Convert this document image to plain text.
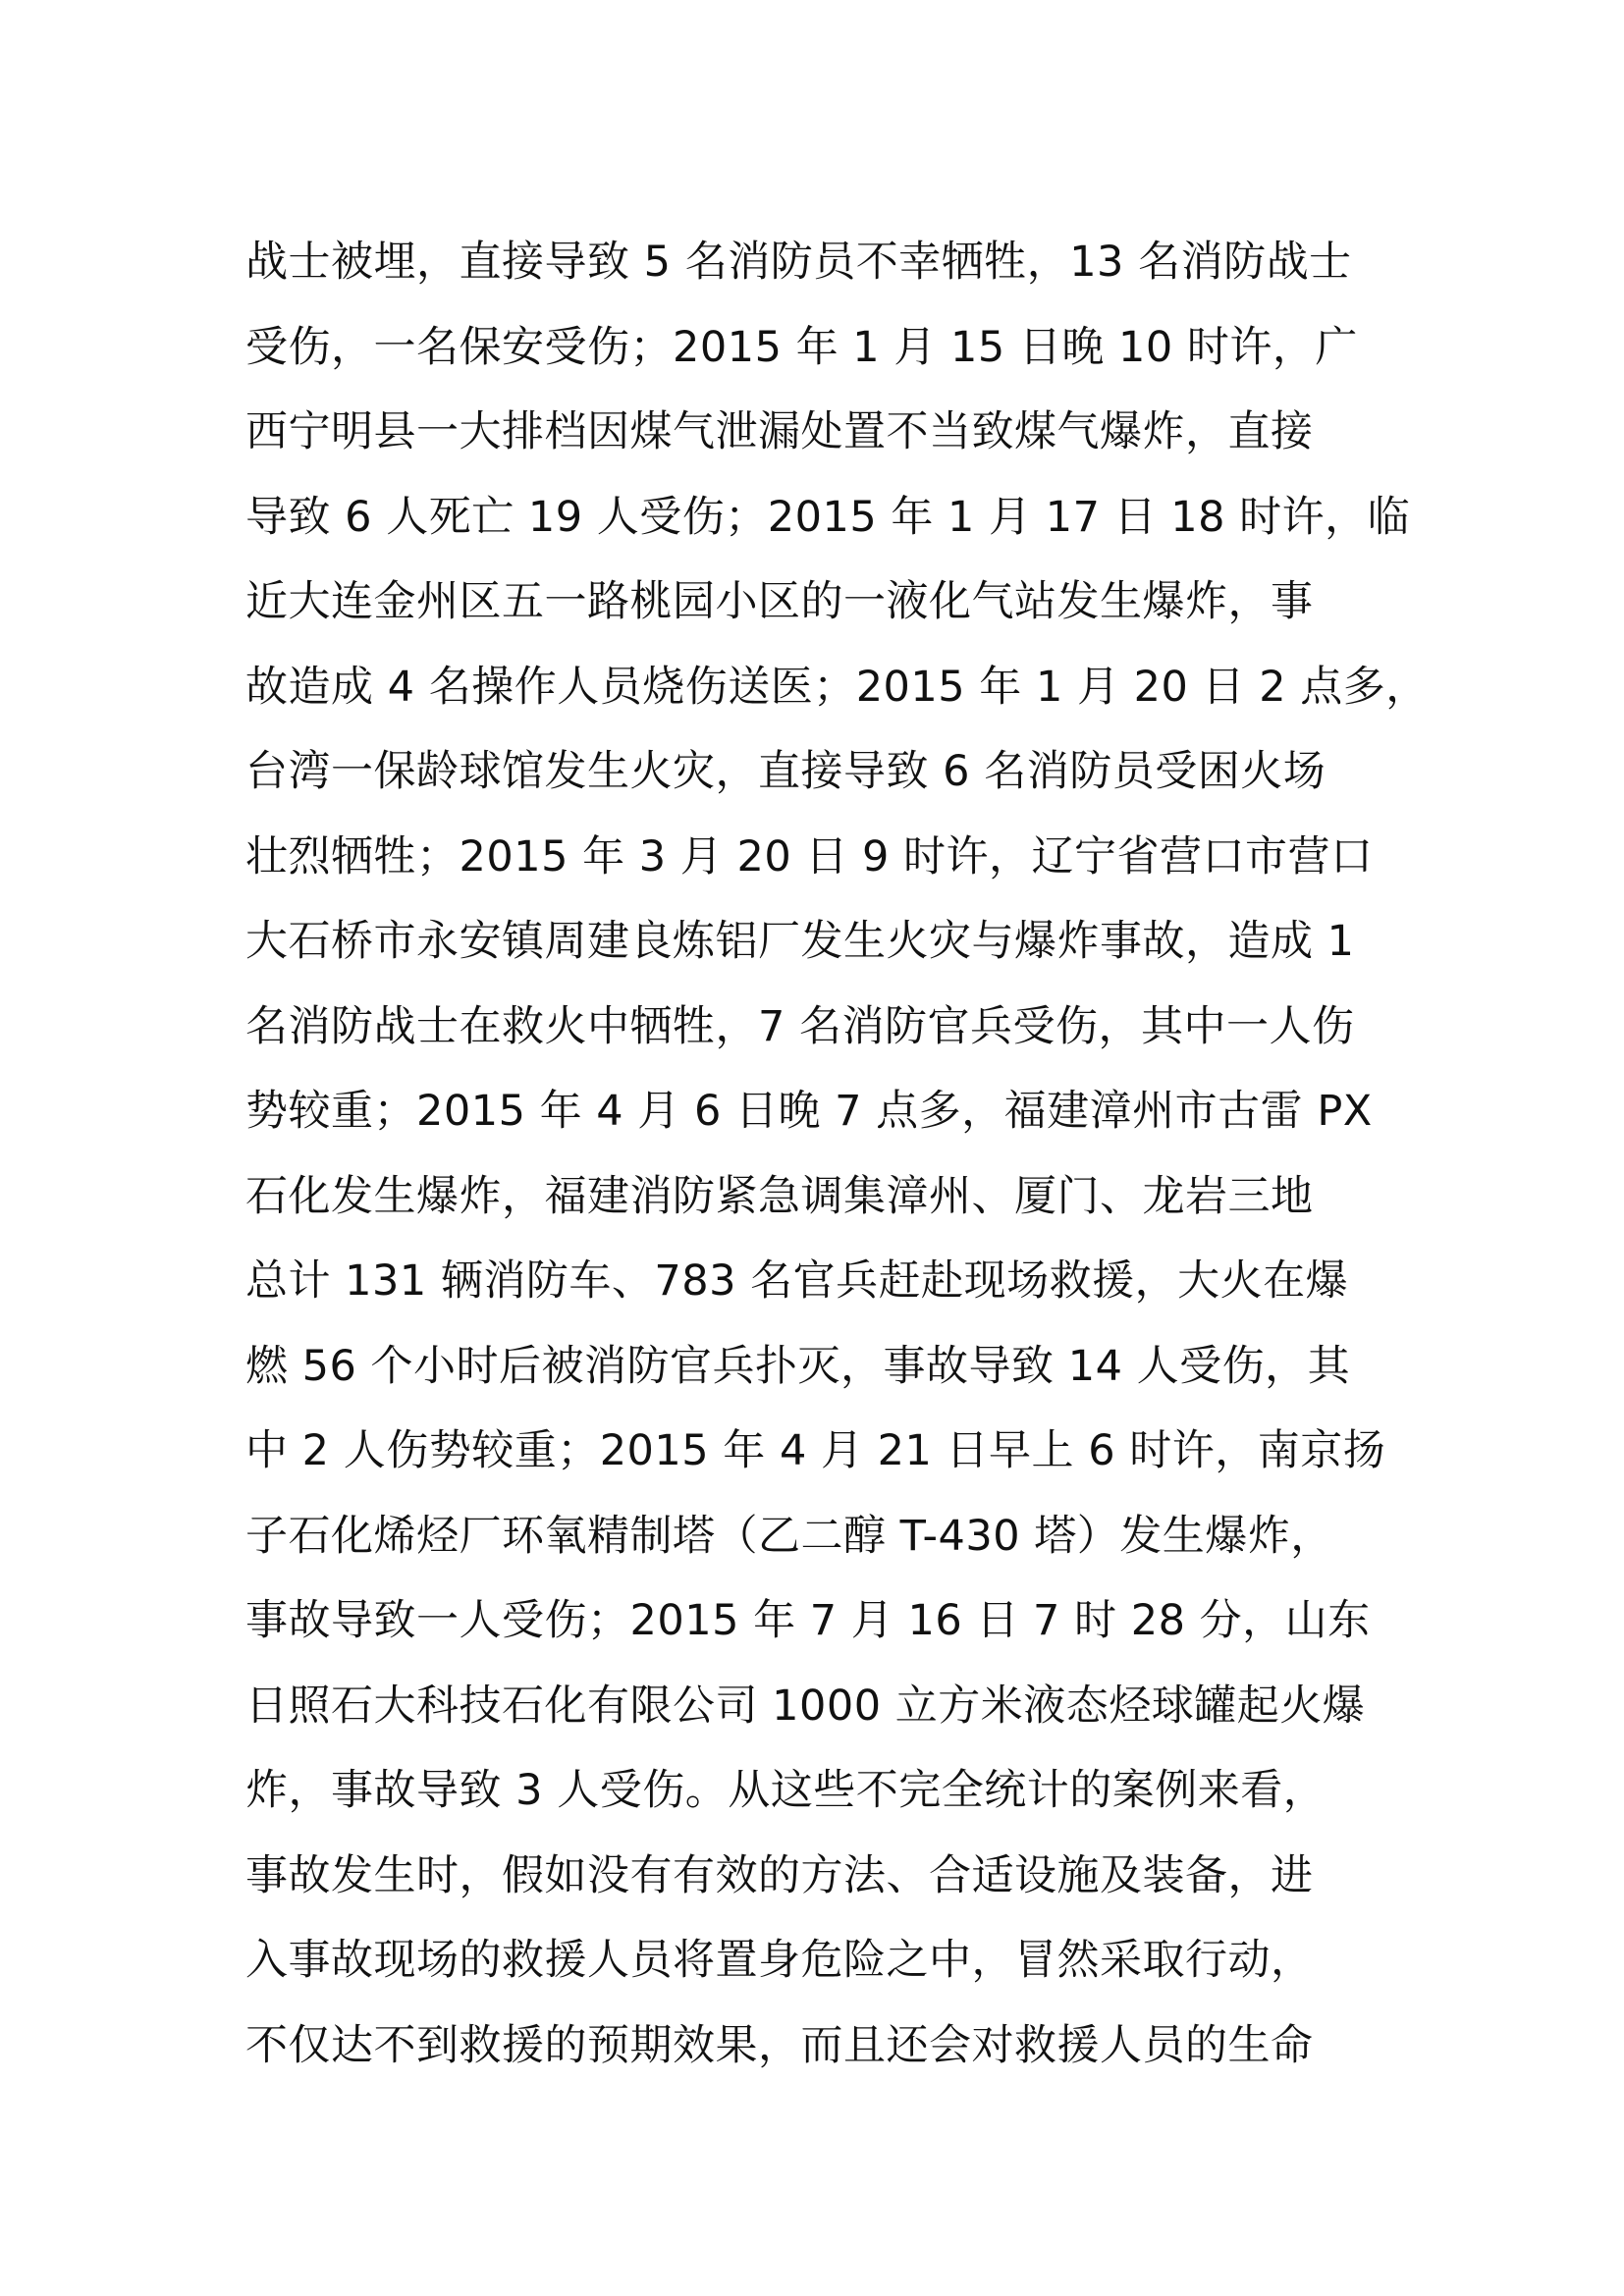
战士被埋，直接导致 5 名消防员不幸牺牲，13 名消防战士
受伤，一名保安受伤；2015 年 1 月 15 日晚 10 时许，广
西宁明县一大排档因煤气泄漏处置不当致煤气爆炸，直接
导致 6 人死亡 19 人受伤；2015 年 1 月 17 日 18 时许，临
近大连金州区五一路桃园小区的一液化气站发生爆炸，事
故造成 4 名操作人员烧伤送医；2015 年 1 月 20 日 2 点多，
台湾一保龄球馆发生火灾，直接导致 6 名消防员受困火场
壮烈牺牲；2015 年 3 月 20 日 9 时许，辽宁省营口市营口
大石桥市永安镇周建良炼铝厂发生火灾与爆炸事故，造成 1
名消防战士在救火中牺牲，7 名消防官兵受伤，其中一人伤
势较重；2015 年 4 月 6 日晚 7 点多，福建漳州市古雷 PX
石化发生爆炸，福建消防紧急调集漳州、厦门、龙岩三地
总计 131 辆消防车、783 名官兵赶赴现场救援，大火在爆
燃 56 个小时后被消防官兵扑灭，事故导致 14 人受伤，其
中 2 人伤势较重；2015 年 4 月 21 日早上 6 时许，南京扬
子石化烯烃厂环氧精制塔（乙二醇 T-430 塔）发生爆炸，
事故导致一人受伤；2015 年 7 月 16 日 7 时 28 分，山东
日照石大科技石化有限公司 1000 立方米液态烃球罐起火爆
炸，事故导致 3 人受伤。从这些不完全统计的案例来看，
事故发生时，假如没有有效的方法、合适设施及装备，进
入事故现场的救援人员将置身危险之中，冒然采取行动，
不仅达不到救援的预期效果，而且还会对救援人员的生命
